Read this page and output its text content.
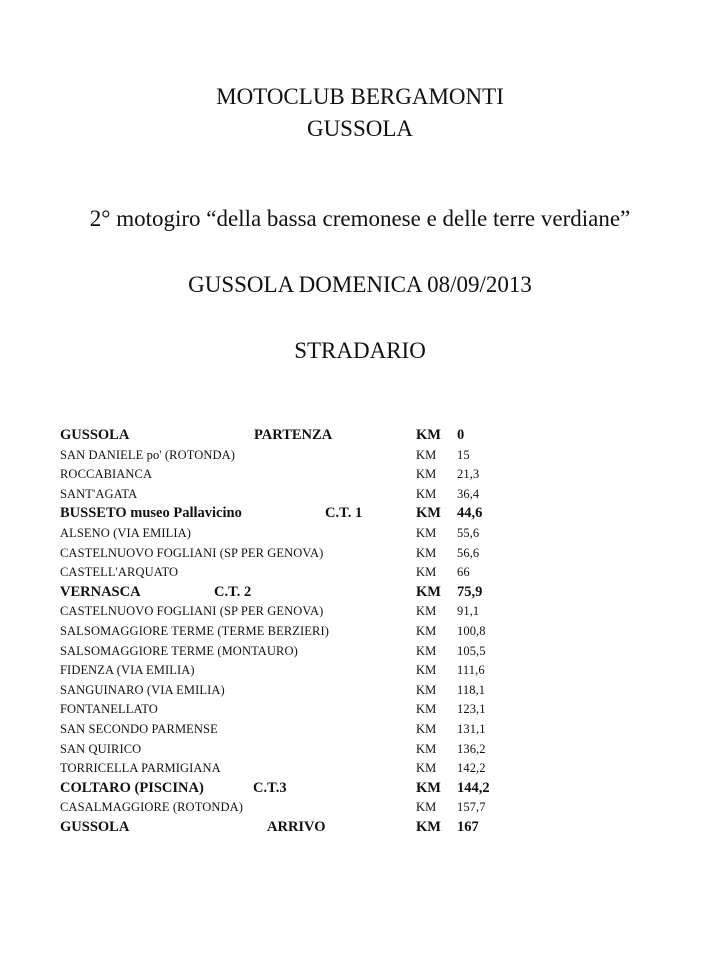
MOTOCLUB BERGAMONTI
GUSSOLA
2° motogiro “della bassa cremonese e delle terre verdiane”
GUSSOLA DOMENICA 08/09/2013
STRADARIO
GUSSOLA	PARTENZA	KM 0
SAN DANIELE po' (ROTONDA)	KM 15
ROCCABIANCA	KM 21,3
SANT'AGATA	KM 36,4
BUSSETO museo Pallavicino	C.T. 1	KM 44,6
ALSENO (VIA EMILIA)	KM 55,6
CASTELNUOVO FOGLIANI (SP PER GENOVA)	KM 56,6
CASTELL'ARQUATO	KM 66
VERNASCA	C.T. 2	KM 75,9
CASTELNUOVO FOGLIANI (SP PER GENOVA)	KM 91,1
SALSOMAGGIORE TERME (TERME BERZIERI)	KM 100,8
SALSOMAGGIORE TERME (MONTAURO)	KM 105,5
FIDENZA (VIA EMILIA)	KM 111,6
SANGUINARO (VIA EMILIA)	KM 118,1
FONTANELLATO	KM 123,1
SAN SECONDO PARMENSE	KM 131,1
SAN QUIRICO	KM 136,2
TORRICELLA PARMIGIANA	KM 142,2
COLTARO (PISCINA)	C.T.3	KM 144,2
CASALMAGGIORE (ROTONDA)	KM 157,7
GUSSOLA	ARRIVO	KM 167
